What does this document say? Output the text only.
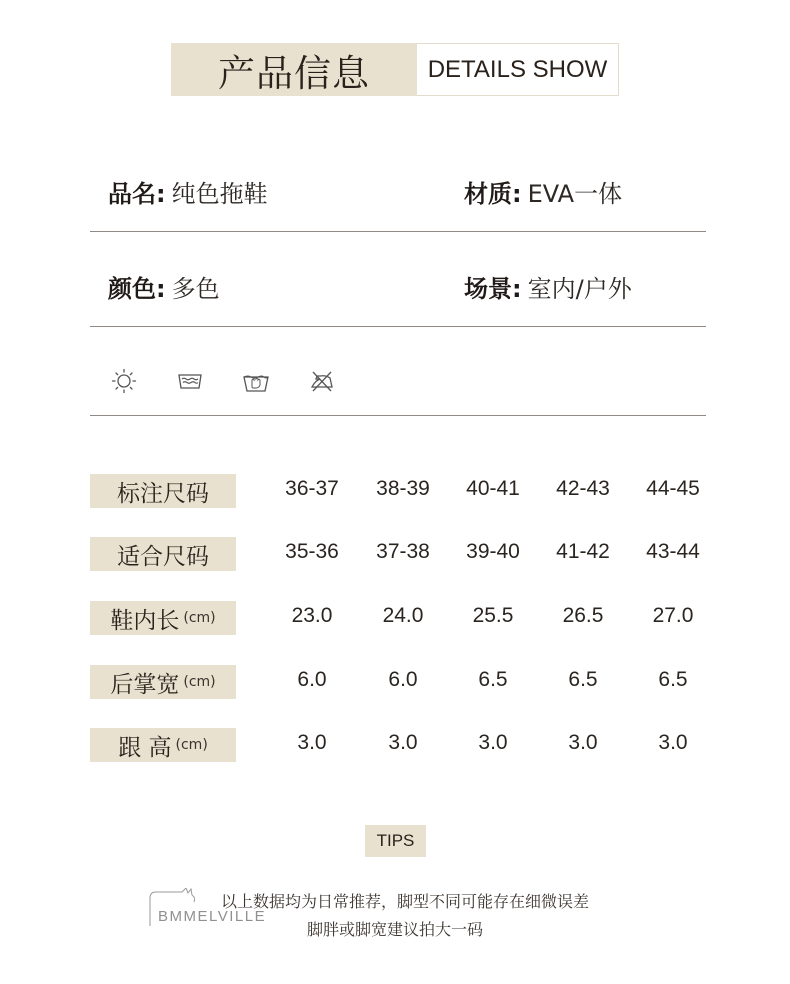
产品信息	DETAILS SHOW
品名: 纯色拖鞋	材质: EVA一体
颜色: 多色	场景: 室内/户外
标注尺码	36-37	38-39	40-41	42-43	44-45
适合尺码	35-36	37-38	39-40	41-42	43-44
鞋内长 (cm)	23.0	24.0	25.5	26.5	27.0
后掌宽 (cm)	6.0	6.0	6.5	6.5	6.5
跟 高 (cm)	3.0	3.0	3.0	3.0	3.0
TIPS
BMMELVILLE
以上数据均为日常推荐，脚型不同可能存在细微误差
脚胖或脚宽建议拍大一码
